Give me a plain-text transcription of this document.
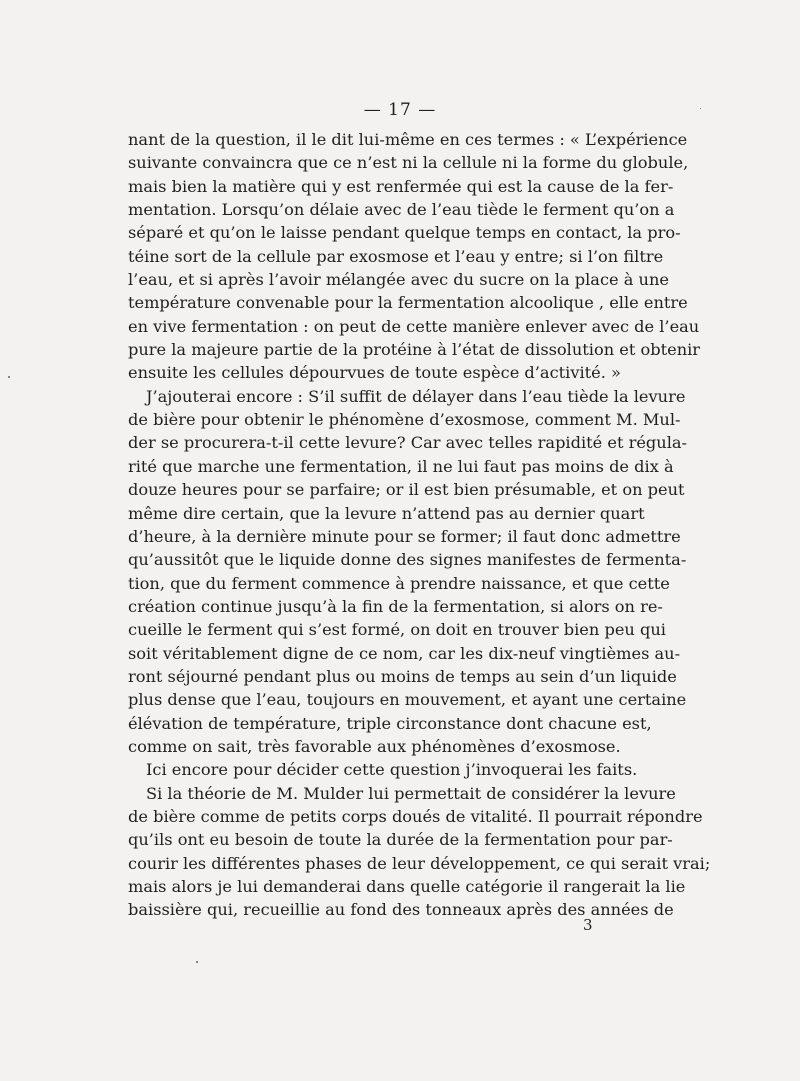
— 17 —
nant de la question, il le dit lui-même en ces termes : « L’expérience
suivante convaincra que ce n’est ni la cellule ni la forme du globule,
mais bien la matière qui y est renfermée qui est la cause de la fer-
mentation. Lorsqu’on délaie avec de l’eau tiède le ferment qu’on a
séparé et qu’on le laisse pendant quelque temps en contact, la pro-
téine sort de la cellule par exosmose et l’eau y entre; si l’on filtre
l’eau, et si après l’avoir mélangée avec du sucre on la place à une
température convenable pour la fermentation alcoolique , elle entre
en vive fermentation : on peut de cette manière enlever avec de l’eau
pure la majeure partie de la protéine à l’état de dissolution et obtenir
ensuite les cellules dépourvues de toute espèce d’activité. »
J’ajouterai encore : S’il suffit de délayer dans l’eau tiède la levure
de bière pour obtenir le phénomène d’exosmose, comment M. Mul-
der se procurera-t-il cette levure? Car avec telles rapidité et régula-
rité que marche une fermentation, il ne lui faut pas moins de dix à
douze heures pour se parfaire; or il est bien présumable, et on peut
même dire certain, que la levure n’attend pas au dernier quart
d’heure, à la dernière minute pour se former; il faut donc admettre
qu’aussitôt que le liquide donne des signes manifestes de fermenta-
tion, que du ferment commence à prendre naissance, et que cette
création continue jusqu’à la fin de la fermentation, si alors on re-
cueille le ferment qui s’est formé, on doit en trouver bien peu qui
soit véritablement digne de ce nom, car les dix-neuf vingtièmes au-
ront séjourné pendant plus ou moins de temps au sein d’un liquide
plus dense que l’eau, toujours en mouvement, et ayant une certaine
élévation de température, triple circonstance dont chacune est,
comme on sait, très favorable aux phénomènes d’exosmose.
Ici encore pour décider cette question j’invoquerai les faits.
Si la théorie de M. Mulder lui permettait de considérer la levure
de bière comme de petits corps doués de vitalité. Il pourrait répondre
qu’ils ont eu besoin de toute la durée de la fermentation pour par-
courir les différentes phases de leur développement, ce qui serait vrai;
mais alors je lui demanderai dans quelle catégorie il rangerait la lie
baissière qui, recueillie au fond des tonneaux après des années de
3
